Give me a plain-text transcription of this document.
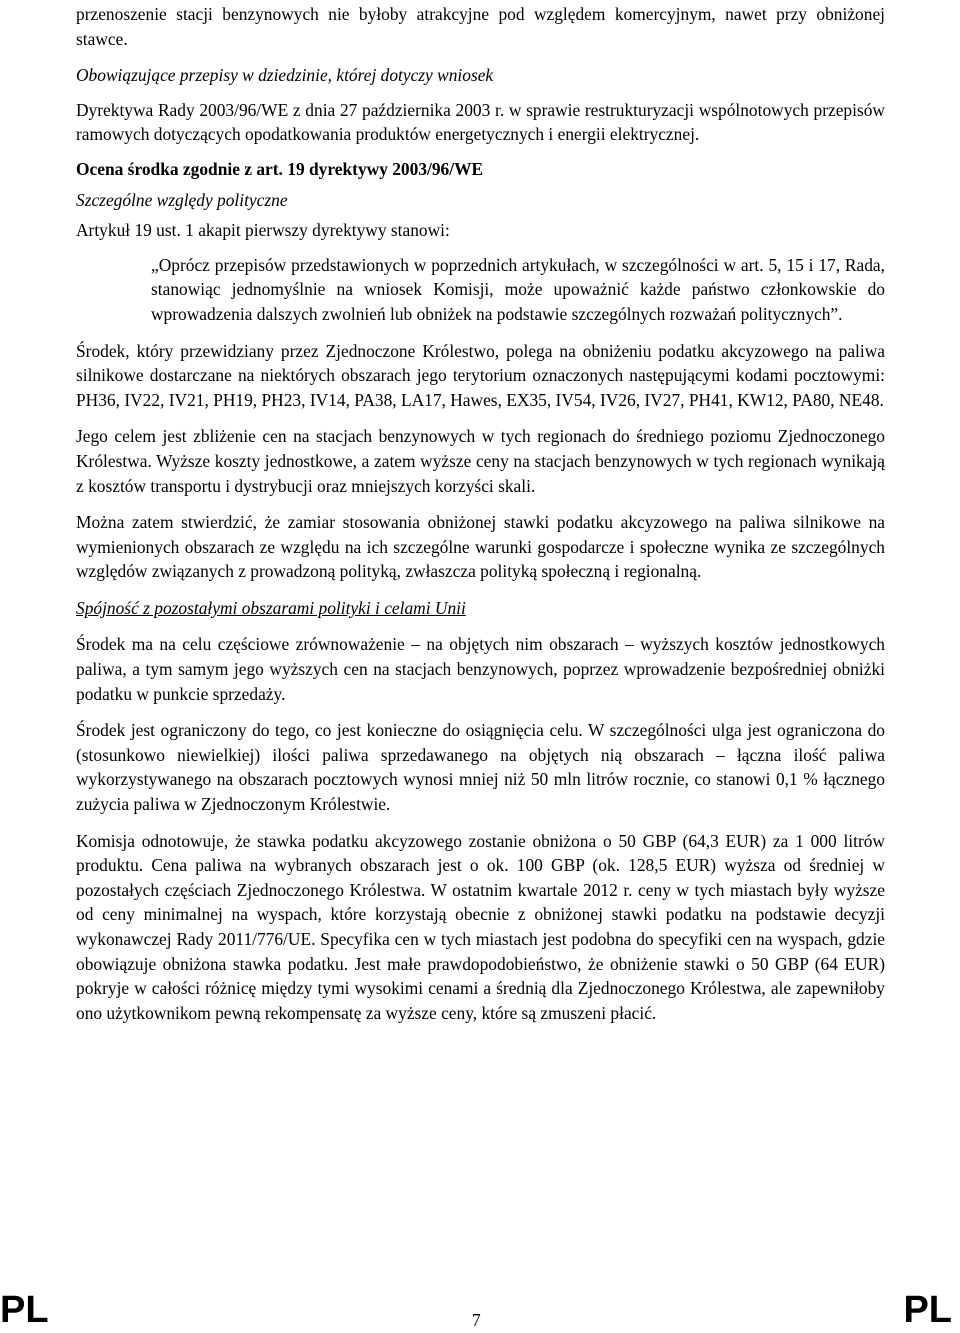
przenoszenie stacji benzynowych nie byłoby atrakcyjne pod względem komercyjnym, nawet przy obniżonej stawce.

Obowiązujące przepisy w dziedzinie, której dotyczy wniosek

Dyrektywa Rady 2003/96/WE z dnia 27 października 2003 r. w sprawie restrukturyzacji wspólnotowych przepisów ramowych dotyczących opodatkowania produktów energetycznych i energii elektrycznej.

Ocena środka zgodnie z art. 19 dyrektywy 2003/96/WE

Szczególne względy polityczne

Artykuł 19 ust. 1 akapit pierwszy dyrektywy stanowi:

„Oprócz przepisów przedstawionych w poprzednich artykułach, w szczególności w art. 5, 15 i 17, Rada, stanowiąc jednomyślnie na wniosek Komisji, może upoważnić każde państwo członkowskie do wprowadzenia dalszych zwolnień lub obniżek na podstawie szczególnych rozważań politycznych”.

Środek, który przewidziany przez Zjednoczone Królestwo, polega na obniżeniu podatku akcyzowego na paliwa silnikowe dostarczane na niektórych obszarach jego terytorium oznaczonych następującymi kodami pocztowymi: PH36, IV22, IV21, PH19, PH23, IV14, PA38, LA17, Hawes, EX35, IV54, IV26, IV27, PH41, KW12, PA80, NE48.

Jego celem jest zbliżenie cen na stacjach benzynowych w tych regionach do średniego poziomu Zjednoczonego Królestwa. Wyższe koszty jednostkowe, a zatem wyższe ceny na stacjach benzynowych w tych regionach wynikają z kosztów transportu i dystrybucji oraz mniejszych korzyści skali.

Można zatem stwierdzić, że zamiar stosowania obniżonej stawki podatku akcyzowego na paliwa silnikowe na wymienionych obszarach ze względu na ich szczególne warunki gospodarcze i społeczne wynika ze szczególnych względów związanych z prowadzoną polityką, zwłaszcza polityką społeczną i regionalną.

Spójność z pozostałymi obszarami polityki i celami Unii

Środek ma na celu częściowe zrównoważenie – na objętych nim obszarach – wyższych kosztów jednostkowych paliwa, a tym samym jego wyższych cen na stacjach benzynowych, poprzez wprowadzenie bezpośredniej obniżki podatku w punkcie sprzedaży.

Środek jest ograniczony do tego, co jest konieczne do osiągnięcia celu. W szczególności ulga jest ograniczona do (stosunkowo niewielkiej) ilości paliwa sprzedawanego na objętych nią obszarach – łączna ilość paliwa wykorzystywanego na obszarach pocztowych wynosi mniej niż 50 mln litrów rocznie, co stanowi 0,1 % łącznego zużycia paliwa w Zjednoczonym Królestwie.

Komisja odnotowuje, że stawka podatku akcyzowego zostanie obniżona o 50 GBP (64,3 EUR) za 1 000 litrów produktu. Cena paliwa na wybranych obszarach jest o ok. 100 GBP (ok. 128,5 EUR) wyższa od średniej w pozostałych częściach Zjednoczonego Królestwa. W ostatnim kwartale 2012 r. ceny w tych miastach były wyższe od ceny minimalnej na wyspach, które korzystają obecnie z obniżonej stawki podatku na podstawie decyzji wykonawczej Rady 2011/776/UE. Specyfika cen w tych miastach jest podobna do specyfiki cen na wyspach, gdzie obowiązuje obniżona stawka podatku. Jest małe prawdopodobieństwo, że obniżenie stawki o 50 GBP (64 EUR) pokryje w całości różnicę między tymi wysokimi cenami a średnią dla Zjednoczonego Królestwa, ale zapewniłoby ono użytkownikom pewną rekompensatę za wyższe ceny, które są zmuszeni płacić.

PL	7	PL
